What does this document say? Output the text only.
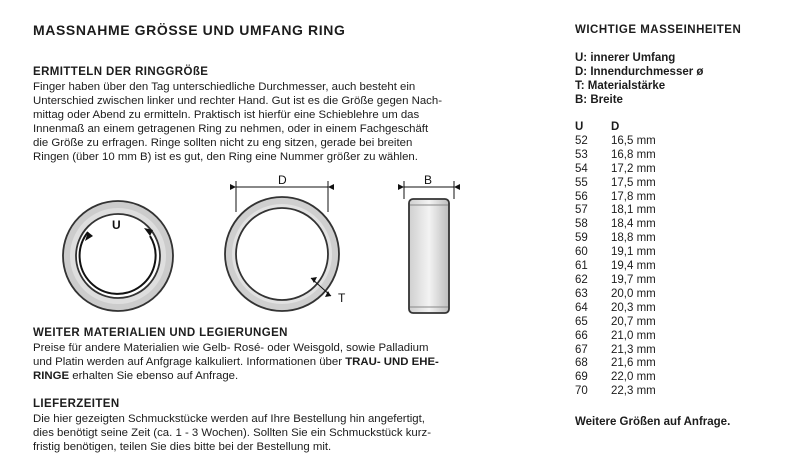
MASSNAHME GRÖSSE UND UMFANG RING
ERMITTELN DER RINGGRÖßE

Finger haben über den Tag unterschiedliche Durchmesser, auch besteht ein
Unterschied zwischen linker und rechter Hand. Gut ist es die Größe gegen Nach-
mittag oder Abend zu ermitteln. Praktisch ist hierfür eine Schieblehre um das
Innenmaß an einem getragenen Ring zu nehmen, oder in einem Fachgeschäft
die Größe zu erfragen. Ringe sollten nicht zu eng sitzen, gerade bei breiten
Ringen (über 10 mm B) ist es gut, den Ring eine Nummer größer zu wählen.

U
D
T
B
WEITER MATERIALIEN UND LEGIERUNGEN

Preise für andere Materialien wie Gelb- Rosé- oder Weisgold, sowie Palladium
und Platin werden auf Anfgrage kalkuliert. Informationen über TRAU- UND EHE-
RINGE erhalten Sie ebenso auf Anfrage.

LIEFERZEITEN

Die hier gezeigten Schmuckstücke werden auf Ihre Bestellung hin angefertigt,
dies benötigt seine Zeit (ca. 1 - 3 Wochen). Sollten Sie ein Schmuckstück kurz-
fristig benötigen, teilen Sie dies bitte bei der Bestellung mit.

WICHTIGE MASSEINHEITEN
U: innerer Umfang
D: Innendurchmesser ø
T: Materialstärke
B: Breite
U	D
52	16,5 mm
53	16,8 mm
54	17,2 mm
55	17,5 mm
56	17,8 mm
57	18,1 mm
58	18,4 mm
59	18,8 mm
60	19,1 mm
61	19,4 mm
62	19,7 mm
63	20,0 mm
64	20,3 mm
65	20,7 mm
66	21,0 mm
67	21,3 mm
68	21,6 mm
69	22,0 mm
70	22,3 mm
Weitere Größen auf Anfrage.
